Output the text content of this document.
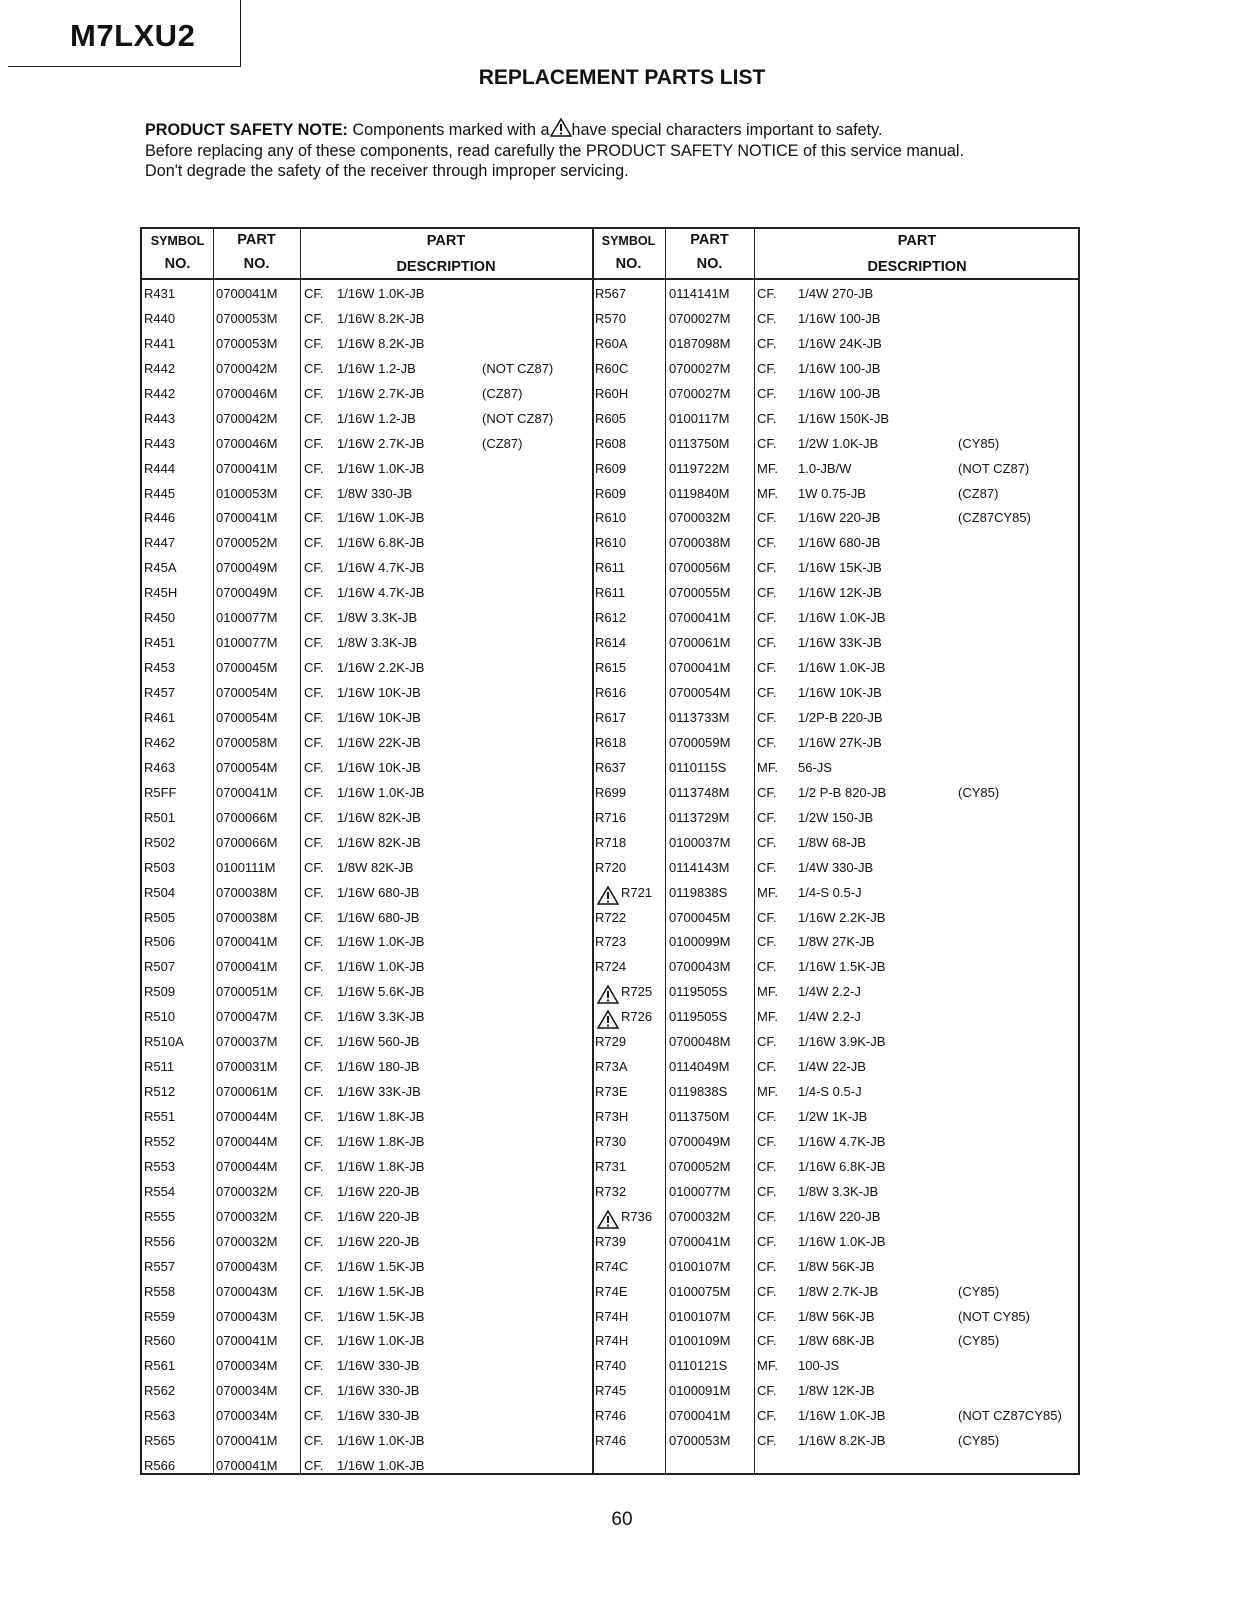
M7LXU2
REPLACEMENT PARTS LIST
PRODUCT SAFETY NOTE: Components marked with a have special characters important to safety.
Before replacing any of these components, read carefully the PRODUCT SAFETY NOTICE of this service manual.
Don't degrade the safety of the receiver through improper servicing.
SYMBOL
NO.
PART
NO.
PART
DESCRIPTION
SYMBOL
NO.
PART
NO.
PART
DESCRIPTION
R431	0700041M CF. 1/16W 1.0K-JB
R440	0700053M CF. 1/16W 8.2K-JB
R441	0700053M CF. 1/16W 8.2K-JB
R442	0700042M CF. 1/16W 1.2-JB	(NOT CZ87)
R442	0700046M CF. 1/16W 2.7K-JB	(CZ87)
R443	0700042M CF. 1/16W 1.2-JB	(NOT CZ87)
R443	0700046M CF. 1/16W 2.7K-JB	(CZ87)
R444	0700041M CF. 1/16W 1.0K-JB
R445	0100053M CF. 1/8W 330-JB
R446	0700041M CF. 1/16W 1.0K-JB
R447	0700052M CF. 1/16W 6.8K-JB
R45A	0700049M CF. 1/16W 4.7K-JB
R45H	0700049M CF. 1/16W 4.7K-JB
R450	0100077M CF. 1/8W 3.3K-JB
R451	0100077M CF. 1/8W 3.3K-JB
R453	0700045M CF. 1/16W 2.2K-JB
R457	0700054M CF. 1/16W 10K-JB
R461	0700054M CF. 1/16W 10K-JB
R462	0700058M CF. 1/16W 22K-JB
R463	0700054M CF. 1/16W 10K-JB
R5FF	0700041M CF. 1/16W 1.0K-JB
R501	0700066M CF. 1/16W 82K-JB
R502	0700066M CF. 1/16W 82K-JB
R503	0100111M CF. 1/8W 82K-JB
R504	0700038M CF. 1/16W 680-JB
R505	0700038M CF. 1/16W 680-JB
R506	0700041M CF. 1/16W 1.0K-JB
R507	0700041M CF. 1/16W 1.0K-JB
R509	0700051M CF. 1/16W 5.6K-JB
R510	0700047M CF. 1/16W 3.3K-JB
R510A 0700037M CF. 1/16W 560-JB
R511	0700031M CF. 1/16W 180-JB
R512	0700061M CF. 1/16W 33K-JB
R551	0700044M CF. 1/16W 1.8K-JB
R552	0700044M CF. 1/16W 1.8K-JB
R553	0700044M CF. 1/16W 1.8K-JB
R554	0700032M CF. 1/16W 220-JB
R555	0700032M CF. 1/16W 220-JB
R556	0700032M CF. 1/16W 220-JB
R557	0700043M CF. 1/16W 1.5K-JB
R558	0700043M CF. 1/16W 1.5K-JB
R559	0700043M CF. 1/16W 1.5K-JB
R560	0700041M CF. 1/16W 1.0K-JB
R561	0700034M CF. 1/16W 330-JB
R562	0700034M CF. 1/16W 330-JB
R563	0700034M CF. 1/16W 330-JB
R565	0700041M CF. 1/16W 1.0K-JB
R566	0700041M CF. 1/16W 1.0K-JB
R567	0114141M CF. 1/4W 270-JB
R570	0700027M CF. 1/16W 100-JB
R60A	0187098M CF. 1/16W 24K-JB
R60C	0700027M CF. 1/16W 100-JB
R60H	0700027M CF. 1/16W 100-JB
R605	0100117M CF. 1/16W 150K-JB
R608	0113750M CF. 1/2W 1.0K-JB	(CY85)
R609	0119722M MF. 1.0-JB/W	(NOT CZ87)
R609	0119840M MF. 1W 0.75-JB	(CZ87)
R610	0700032M CF. 1/16W 220-JB	(CZ87CY85)
R610	0700038M CF. 1/16W 680-JB
R611	0700056M CF. 1/16W 15K-JB
R611	0700055M CF. 1/16W 12K-JB
R612	0700041M CF. 1/16W 1.0K-JB
R614	0700061M CF. 1/16W 33K-JB
R615	0700041M CF. 1/16W 1.0K-JB
R616	0700054M CF. 1/16W 10K-JB
R617	0113733M CF. 1/2P-B 220-JB
R618	0700059M CF. 1/16W 27K-JB
R637	0110115S MF. 56-JS
R699	0113748M CF. 1/2 P-B 820-JB	(CY85)
R716	0113729M CF. 1/2W 150-JB
R718	0100037M CF. 1/8W 68-JB
R720	0114143M CF. 1/4W 330-JB
R721 0119838S MF. 1/4-S 0.5-J
R722	0700045M CF. 1/16W 2.2K-JB
R723	0100099M CF. 1/8W 27K-JB
R724	0700043M CF. 1/16W 1.5K-JB
R725 0119505S MF. 1/4W 2.2-J
R726 0119505S MF. 1/4W 2.2-J
R729	0700048M CF. 1/16W 3.9K-JB
R73A	0114049M CF. 1/4W 22-JB
R73E	0119838S MF. 1/4-S 0.5-J
R73H	0113750M CF. 1/2W 1K-JB
R730	0700049M CF. 1/16W 4.7K-JB
R731	0700052M CF. 1/16W 6.8K-JB
R732	0100077M CF. 1/8W 3.3K-JB
R736 0700032M CF. 1/16W 220-JB
R739	0700041M CF. 1/16W 1.0K-JB
R74C	0100107M CF. 1/8W 56K-JB
R74E	0100075M CF. 1/8W 2.7K-JB	(CY85)
R74H	0100107M CF. 1/8W 56K-JB	(NOT CY85)
R74H	0100109M CF. 1/8W 68K-JB	(CY85)
R740	0110121S MF. 100-JS
R745	0100091M CF. 1/8W 12K-JB
R746	0700041M CF. 1/16W 1.0K-JB	(NOT CZ87CY85)
R746	0700053M CF. 1/16W 8.2K-JB	(CY85)
60
